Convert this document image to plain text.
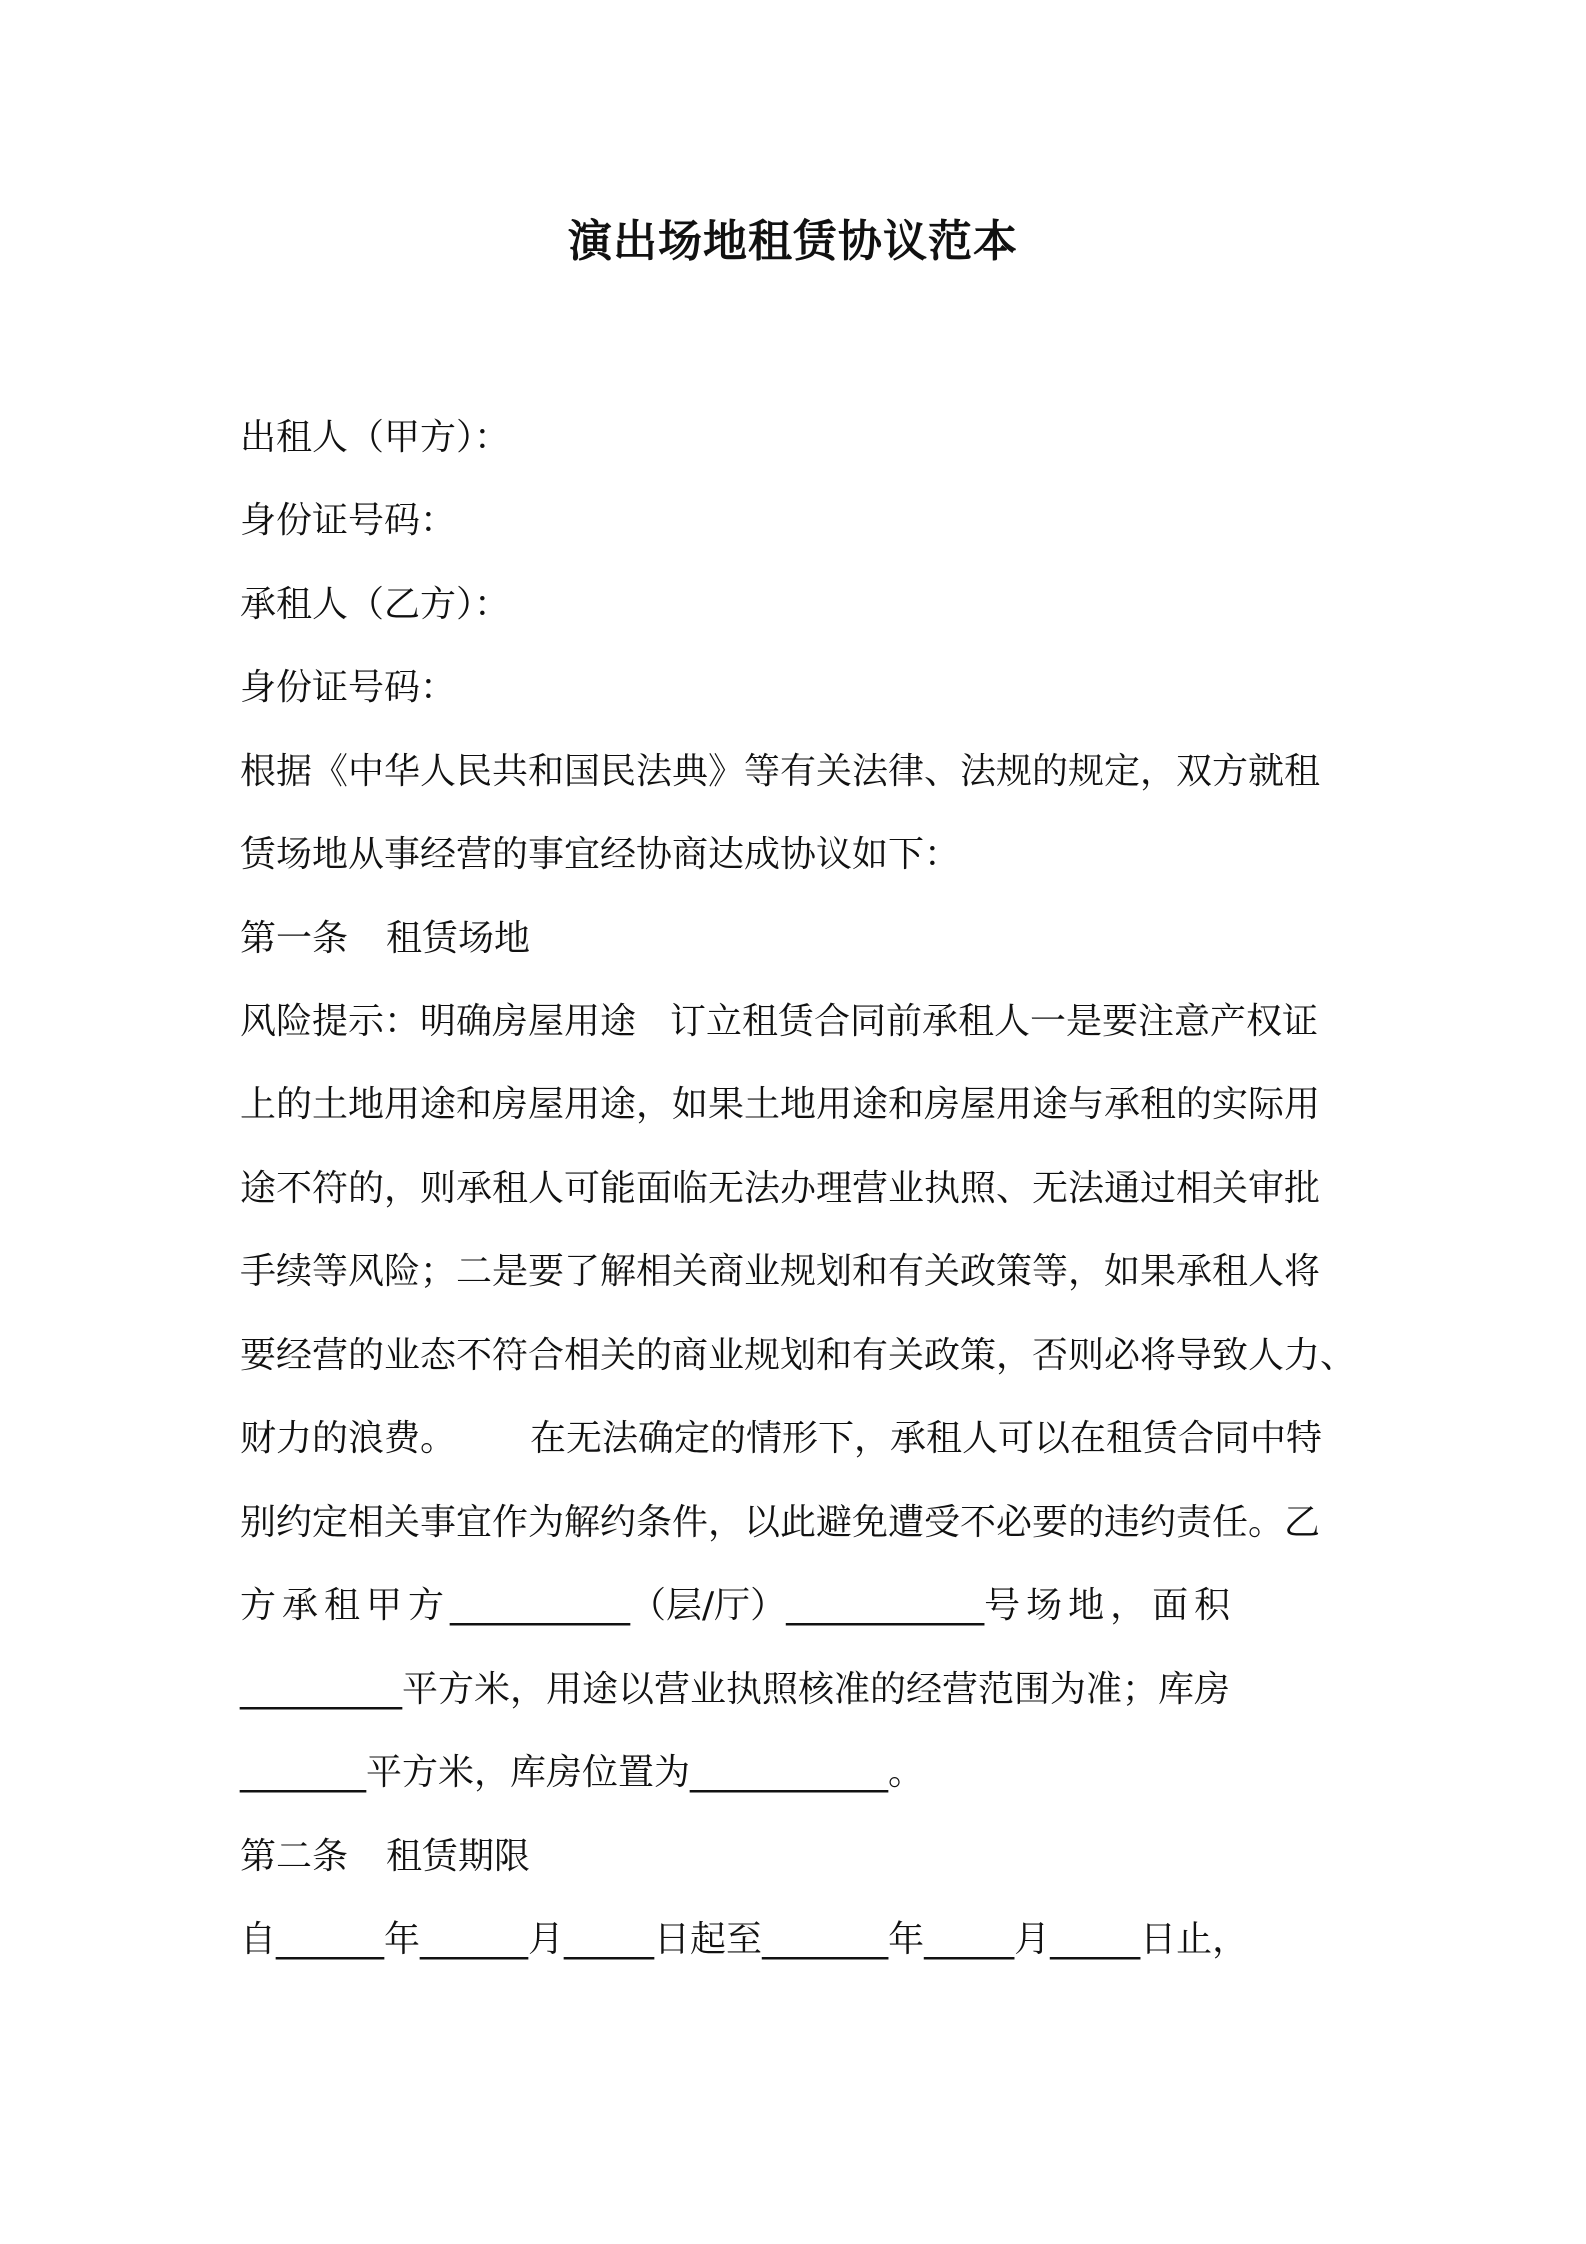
演出场地租赁协议范本
出租人（甲方）：
身份证号码：
承租人（乙方）：
身份证号码：
根据《中华人民共和国民法典》等有关法律、法规的规定，双方就租
赁场地从事经营的事宜经协商达成协议如下：
第一条 租赁场地
风险提示：明确房屋用途 订立租赁合同前承租人一是要注意产权证
上的土地用途和房屋用途，如果土地用途和房屋用途与承租的实际用
途不符的，则承租人可能面临无法办理营业执照、无法通过相关审批
手续等风险；二是要了解相关商业规划和有关政策等，如果承租人将
要经营的业态不符合相关的商业规划和有关政策，否则必将导致人力、
财力的浪费。 在无法确定的情形下，承租人可以在租赁合同中特
别约定相关事宜作为解约条件，以此避免遭受不必要的违约责任。乙
方承租甲方__________（层/厅）___________号场地，面积
_________平方米，用途以营业执照核准的经营范围为准；库房
_______平方米，库房位置为___________。
第二条 租赁期限
自______年______月_____日起至_______年_____月_____日止，
